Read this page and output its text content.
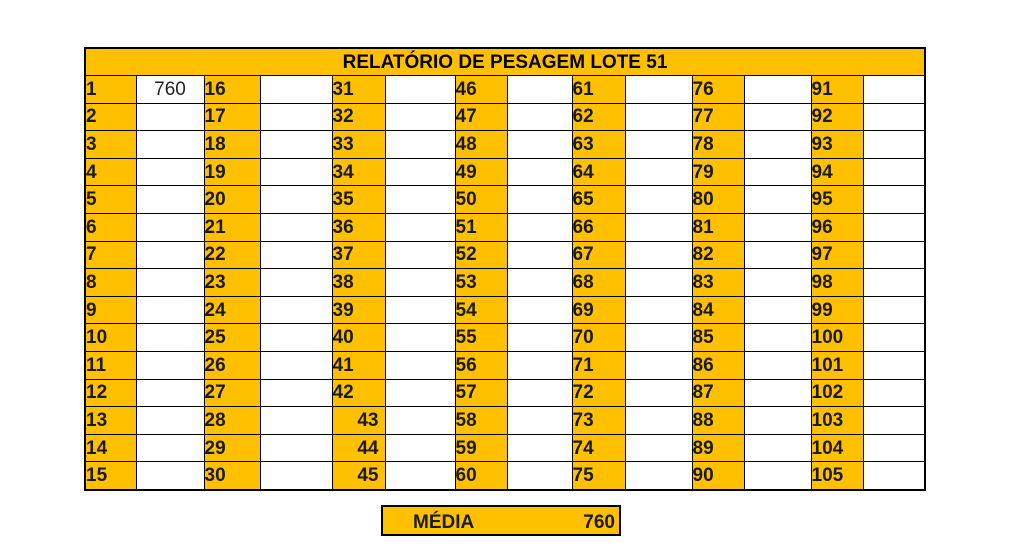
RELATÓRIO DE PESAGEM LOTE 51													
1	760	16		31		46		61		76		91	
2		17		32		47		62		77		92	
3		18		33		48		63		78		93	
4		19		34		49		64		79		94	
5		20		35		50		65		80		95	
6		21		36		51		66		81		96	
7		22		37		52		67		82		97	
8		23		38		53		68		83		98	
9		24		39		54		69		84		99	
10		25		40		55		70		85		100	
11		26		41		56		71		86		101	
12		27		42		57		72		87		102	
13		28		43		58		73		88		103	
14		29		44		59		74		89		104	
15		30		45		60		75		90		105	
MÉDIA	760
